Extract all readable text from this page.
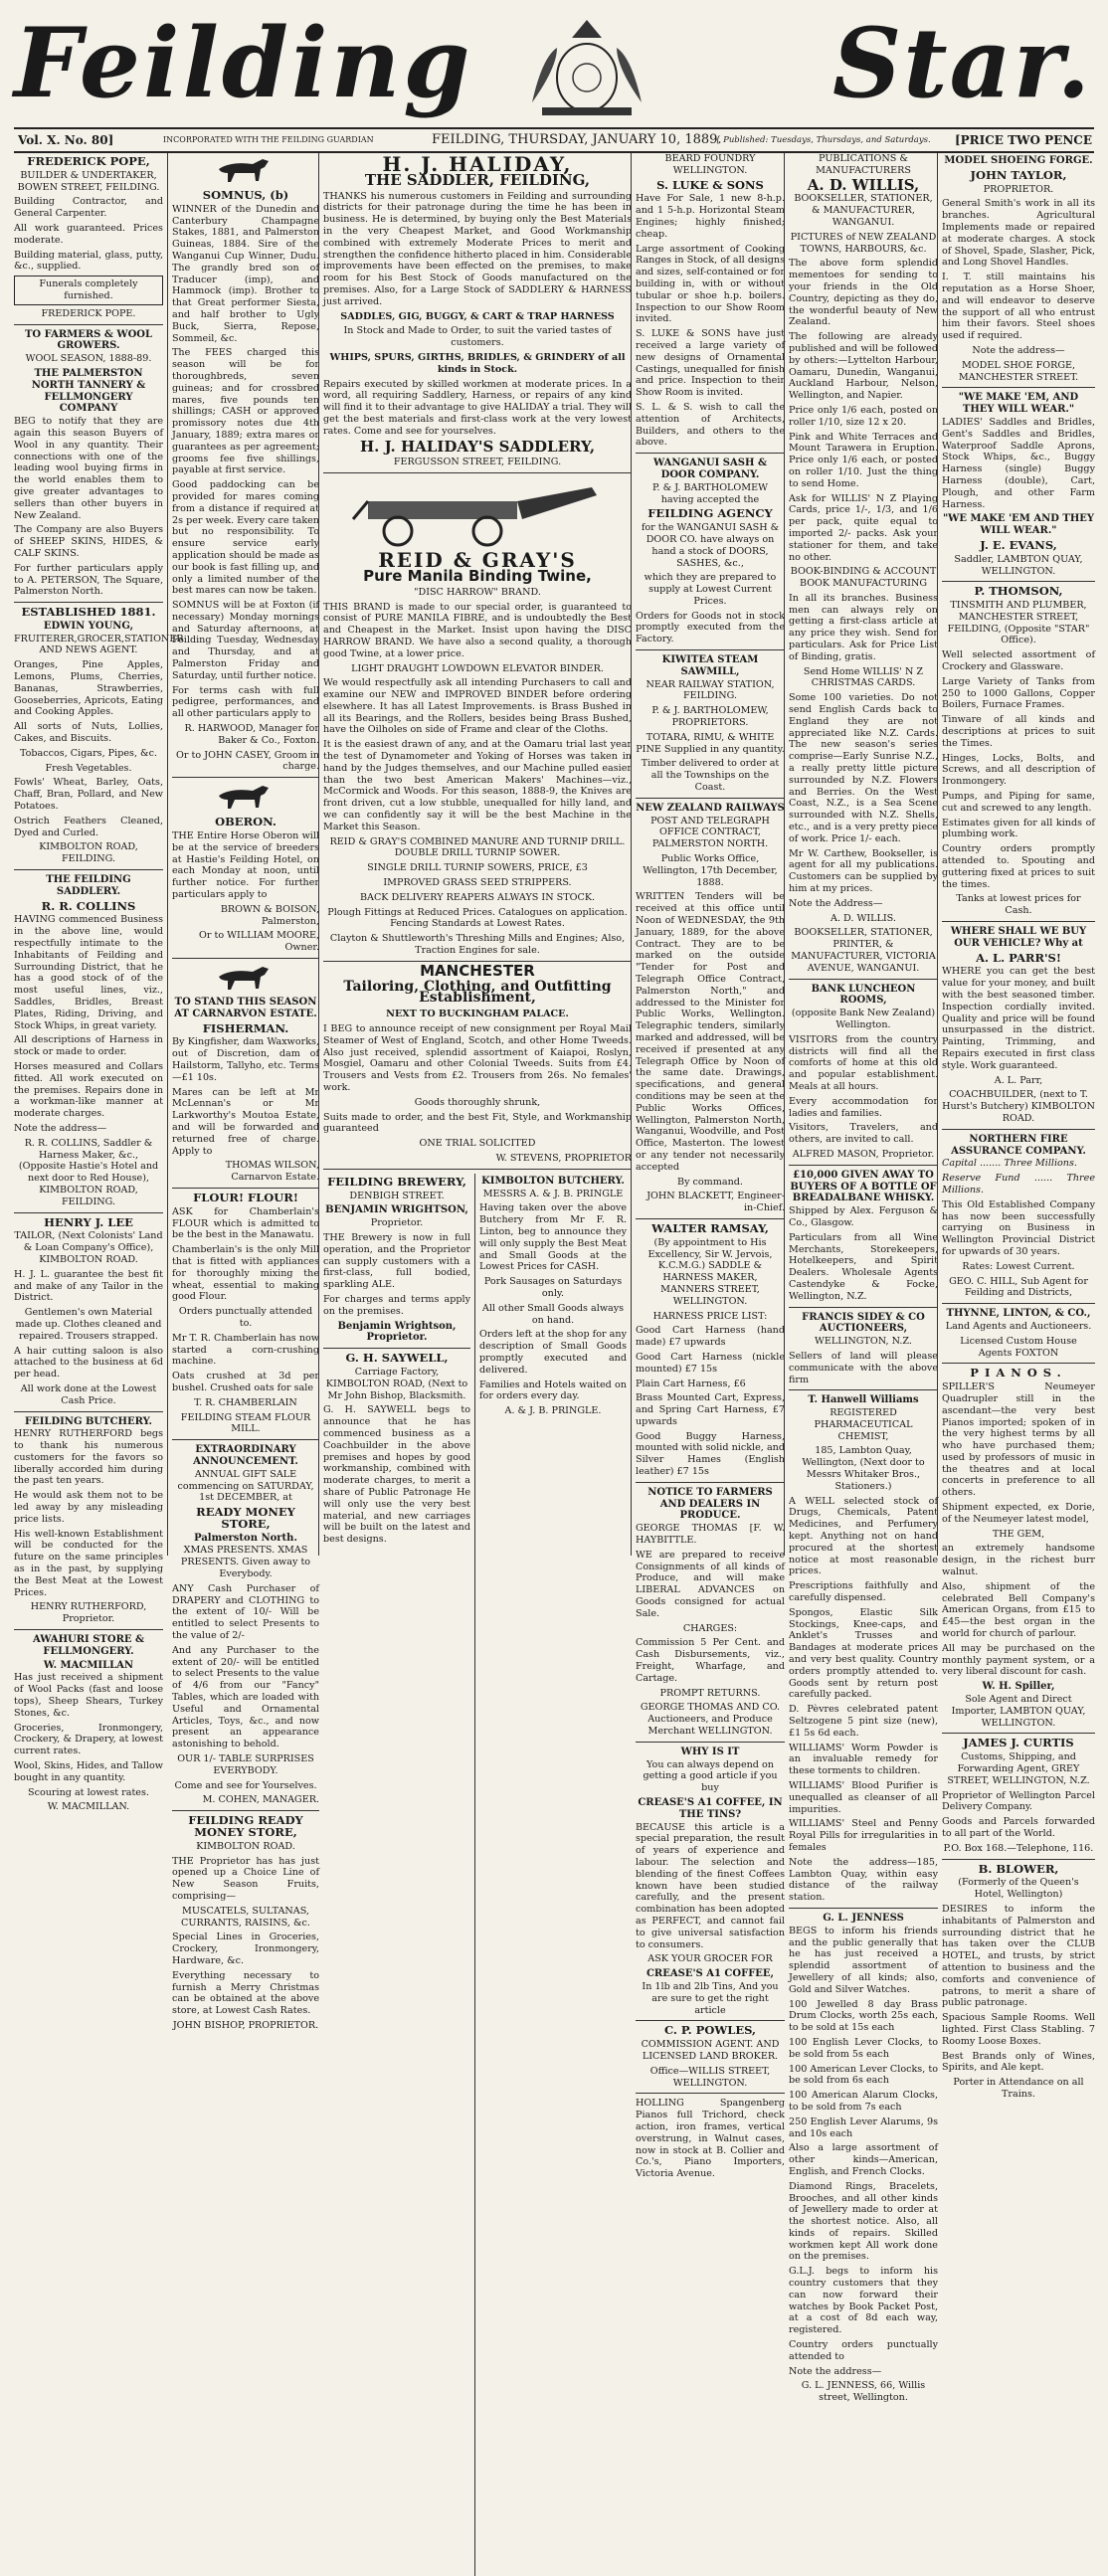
Feilding	Star.
Vol. X. No. 80]	INCORPORATED WITH THE FEILDING GUARDIAN	FEILDING, THURSDAY, JANUARY 10, 1889.
{ Published: Tuesdays, Thursdays, and Saturdays. [PRICE TWO PENCE
FREDERICK POPE,

BUILDER & UNDERTAKER, BOWEN STREET, FEILDING.

Building Contractor, and General Carpenter.

All work guaranteed. Prices moderate.

Building material, glass, putty, &c., supplied.

Funerals completely furnished.

FREDERICK POPE.

TO FARMERS & WOOL GROWERS.

WOOL SEASON, 1888-89.

THE PALMERSTON NORTH TANNERY & FELLMONGERY COMPANY

BEG to notify that they are again this season Buyers of Wool in any quantity. Their connections with one of the leading wool buying firms in the world enables them to give greater advantages to sellers than other buyers in New Zealand.

The Company are also Buyers of SHEEP SKINS, HIDES, & CALF SKINS.

For further particulars apply to A. PETERSON, The Square, Palmerston North.

ESTABLISHED 1881.
EDWIN YOUNG,

FRUITERER,GROCER,STATIONER AND NEWS AGENT.

Oranges, Pine Apples, Lemons, Plums, Cherries, Bananas, Strawberries, Gooseberries, Apricots, Eating and Cooking Apples.

All sorts of Nuts, Lollies, Cakes, and Biscuits.

Tobaccos, Cigars, Pipes, &c.

Fresh Vegetables.

Fowls' Wheat, Barley, Oats, Chaff, Bran, Pollard, and New Potatoes.

Ostrich Feathers Cleaned, Dyed and Curled.

KIMBOLTON ROAD, FEILDING.

THE FEILDING SADDLERY.
R. R. COLLINS

HAVING commenced Business in the above line, would respectfully intimate to the Inhabitants of Feilding and Surrounding District, that he has a good stock of of the most useful lines, viz., Saddles, Bridles, Breast Plates, Riding, Driving, and Stock Whips, in great variety.

All descriptions of Harness in stock or made to order.

Horses measured and Collars fitted. All work executed on the premises. Repairs done in a workman-like manner at moderate charges.

Note the address—

R. R. COLLINS, Saddler & Harness Maker, &c., (Opposite Hastie's Hotel and next door to Red House), KIMBOLTON ROAD, FEILDING.

HENRY J. LEE

TAILOR, (Next Colonists' Land & Loan Company's Office), KIMBOLTON ROAD.

H. J. L. guarantee the best fit and make of any Tailor in the District.

Gentlemen's own Material made up. Clothes cleaned and repaired. Trousers strapped.

A hair cutting saloon is also attached to the business at 6d per head.

All work done at the Lowest Cash Price.

FEILDING BUTCHERY.

HENRY RUTHERFORD begs to thank his numerous customers for the favors so liberally accorded him during the past ten years.

He would ask them not to be led away by any misleading price lists.

His well-known Establishment will be conducted for the future on the same principles as in the past, by supplying the Best Meat at the Lowest Prices.

HENRY RUTHERFORD, Proprietor.

AWAHURI STORE & FELLMONGERY.
W. MACMILLAN

Has just received a shipment of Wool Packs (fast and loose tops), Sheep Shears, Turkey Stones, &c.

Groceries, Ironmongery, Crockery, & Drapery, at lowest current rates.

Wool, Skins, Hides, and Tallow bought in any quantity.

Scouring at lowest rates.

W. MACMILLAN.

SOMNUS, (b)

WINNER of the Dunedin and Canterbury Champagne Stakes, 1881, and Palmerston Guineas, 1884. Sire of the Wanganui Cup Winner, Dudu. The grandly bred son of Traducer (imp), and Hammock (imp). Brother to that Great performer Siesta, and half brother to Ugly Buck, Sierra, Repose, Sommeil, &c.

The FEES charged this season will be for thoroughbreds, seven guineas; and for crossbred mares, five pounds ten shillings; CASH or approved promissory notes due 4th January, 1889; extra mares or guarantees as per agreement; grooms fee five shillings, payable at first service.

Good paddocking can be provided for mares coming from a distance if required at 2s per week. Every care taken but no responsibility. To ensure service early application should be made as our book is fast filling up, and only a limited number of the best mares can now be taken.

SOMNUS will be at Foxton (if necessary) Monday mornings and Saturday afternoons, at Feilding Tuesday, Wednesday and Thursday, and at Palmerston Friday and Saturday, until further notice.

For terms cash with full pedigree, performances, and all other particulars apply to

R. HARWOOD, Manager for Baker & Co., Foxton.

Or to JOHN CASEY, Groom in charge.

OBERON.

THE Entire Horse Oberon will be at the service of breeders at Hastie's Feilding Hotel, on each Monday at noon, until further notice. For further particulars apply to

BROWN & BOISON, Palmerston,

Or to WILLIAM MOORE, Owner.

TO STAND THIS SEASON AT CARNARVON ESTATE.
FISHERMAN.

By Kingfisher, dam Waxworks, out of Discretion, dam of Hailstorm, Tallyho, etc. Terms—£1 10s.

Mares can be left at Mr McLennan's or Mr Larkworthy's Moutoa Estate, and will be forwarded and returned free of charge. Apply to

THOMAS WILSON, Carnarvon Estate.

FLOUR! FLOUR!

ASK for Chamberlain's FLOUR which is admitted to be the best in the Manawatu.

Chamberlain's is the only Mill that is fitted with appliances for thoroughly mixing the wheat, essential to making good Flour.

Orders punctually attended to.

Mr T. R. Chamberlain has now started a corn-crushing machine.

Oats crushed at 3d per bushel. Crushed oats for sale

T. R. CHAMBERLAIN

FEILDING STEAM FLOUR MILL.

EXTRAORDINARY ANNOUNCEMENT.

ANNUAL GIFT SALE commencing on SATURDAY, 1st DECEMBER, at

READY MONEY STORE,
Palmerston North.

XMAS PRESENTS. XMAS PRESENTS. Given away to Everybody.

ANY Cash Purchaser of DRAPERY and CLOTHING to the extent of 10/- Will be entitled to select Presents to the value of 2/-

And any Purchaser to the extent of 20/- will be entitled to select Presents to the value of 4/6 from our "Fancy" Tables, which are loaded with Useful and Ornamental Articles, Toys, &c., and now present an appearance astonishing to behold.

OUR 1/- TABLE SURPRISES EVERYBODY.

Come and see for Yourselves.

M. COHEN, MANAGER.

FEILDING READY MONEY STORE,

KIMBOLTON ROAD.

THE Proprietor has has just opened up a Choice Line of New Season Fruits, comprising—

MUSCATELS, SULTANAS, CURRANTS, RAISINS, &c.

Special Lines in Groceries, Crockery, Ironmongery, Hardware, &c.

Everything necessary to furnish a Merry Christmas can be obtained at the above store, at Lowest Cash Rates.

JOHN BISHOP, PROPRIETOR.

H. J. HALIDAY,
THE SADDLER, FEILDING,

THANKS his numerous customers in Feilding and surrounding districts for their patronage during the time he has been in business. He is determined, by buying only the Best Materials in the very Cheapest Market, and Good Workmanship combined with extremely Moderate Prices to merit and strengthen the confidence hitherto placed in him. Considerable improvements have been effected on the premises, to make room for his Best Stock of Goods manufactured on the premises. Also, for a Large Stock of SADDLERY & HARNESS just arrived.

SADDLES, GIG, BUGGY, & CART & TRAP HARNESS

In Stock and Made to Order, to suit the varied tastes of customers.

WHIPS, SPURS, GIRTHS, BRIDLES, & GRINDERY of all kinds in Stock.

Repairs executed by skilled workmen at moderate prices. In a word, all requiring Saddlery, Harness, or repairs of any kind will find it to their advantage to give HALIDAY a trial. They will get the best materials and first-class work at the very lowest rates. Come and see for yourselves.

H. J. HALIDAY'S SADDLERY,

FERGUSSON STREET, FEILDING.

REID & GRAY'S
Pure Manila Binding Twine,

"DISC HARROW" BRAND.

THIS BRAND is made to our special order, is guaranteed to consist of PURE MANILA FIBRE, and is undoubtedly the Best and Cheapest in the Market. Insist upon having the DISC HARROW BRAND. We have also a second quality, a thorough good Twine, at a lower price.

LIGHT DRAUGHT LOWDOWN ELEVATOR BINDER.

We would respectfully ask all intending Purchasers to call and examine our NEW and IMPROVED BINDER before ordering elsewhere. It has all Latest Improvements. is Brass Bushed in all its Bearings, and the Rollers, besides being Brass Bushed, have the Oilholes on side of Frame and clear of the Cloths.

It is the easiest drawn of any, and at the Oamaru trial last year the test of Dynamometer and Yoking of Horses was taken in hand by the Judges themselves, and our Machine pulled easier than the two best American Makers' Machines—viz., McCormick and Woods. For this season, 1888-9, the Knives are front driven, cut a low stubble, unequalled for hilly land, and we can confidently say it will be the best Machine in the Market this Season.

REID & GRAY'S COMBINED MANURE AND TURNIP DRILL. DOUBLE DRILL TURNIP SOWER.

SINGLE DRILL TURNIP SOWERS, PRICE, £3

IMPROVED GRASS SEED STRIPPERS.

BACK DELIVERY REAPERS ALWAYS IN STOCK.

Plough Fittings at Reduced Prices. Catalogues on application. Fencing Standards at Lowest Rates.

Clayton & Shuttleworth's Threshing Mills and Engines; Also, Traction Engines for sale.

MANCHESTER
Tailoring, Clothing, and Outfitting Establishment,

NEXT TO BUCKINGHAM PALACE.

I BEG to announce receipt of new consignment per Royal Mail Steamer of West of England, Scotch, and other Home Tweeds. Also just received, splendid assortment of Kaiapoi, Roslyn, Mosgiel, Oamaru and other Colonial Tweeds. Suits from £4. Trousers and Vests from £2. Trousers from 26s. No females' work.

Goods thoroughly shrunk,

Suits made to order, and the best Fit, Style, and Workmanship guaranteed

ONE TRIAL SOLICITED

W. STEVENS, PROPRIETOR

FEILDING BREWERY,

DENBIGH STREET.

BENJAMIN WRIGHTSON,

Proprietor.

THE Brewery is now in full operation, and the Proprietor can supply customers with a first-class, full bodied, sparkling ALE.

For charges and terms apply on the premises.

Benjamin Wrightson, Proprietor.
G. H. SAYWELL,

Carriage Factory, KIMBOLTON ROAD, (Next to Mr John Bishop, Blacksmith.

G. H. SAYWELL begs to announce that he has commenced business as a Coachbuilder in the above premises and hopes by good workmanship, combined with moderate charges, to merit a share of Public Patronage He will only use the very best material, and new carriages will be built on the latest and best designs.

KIMBOLTON BUTCHERY.

MESSRS A. & J. B. PRINGLE

Having taken over the above Butchery from Mr F. R. Linton, beg to announce they will only supply the Best Meat and Small Goods at the Lowest Prices for CASH.

Pork Sausages on Saturdays only.

All other Small Goods always on hand.

Orders left at the shop for any description of Small Goods promptly executed and delivered.

Families and Hotels waited on for orders every day.

A. & J. B. PRINGLE.

BEARD FOUNDRY WELLINGTON.

S. LUKE & SONS

Have For Sale, 1 new 8-h.p. and 1 5-h.p. Horizontal Steam Engines; highly finished; cheap.

Large assortment of Cooking Ranges in Stock, of all designs and sizes, self-contained or for building in, with or without tubular or shoe h.p. boilers. Inspection to our Show Room invited.

S. LUKE & SONS have just received a large variety of new designs of Ornamental Castings, unequalled for finish and price. Inspection to their Show Room is invited.

S. L. & S. wish to call the attention of Architects, Builders, and others to the above.

WANGANUI SASH & DOOR COMPANY.

P. & J. BARTHOLOMEW having accepted the

FEILDING AGENCY

for the WANGANUI SASH & DOOR CO. have always on hand a stock of DOORS, SASHES, &c.,

which they are prepared to supply at Lowest Current Prices.

Orders for Goods not in stock promptly executed from the Factory.

KIWITEA STEAM SAWMILL,

NEAR RAILWAY STATION, FEILDING.

P. & J. BARTHOLOMEW, PROPRIETORS.

TOTARA, RIMU, & WHITE PINE Supplied in any quantity.

Timber delivered to order at all the Townships on the Coast.

NEW ZEALAND RAILWAYS

POST AND TELEGRAPH OFFICE CONTRACT, PALMERSTON NORTH.

Public Works Office, Wellington, 17th December, 1888.

WRITTEN Tenders will be received at this office until Noon of WEDNESDAY, the 9th January, 1889, for the above Contract. They are to be marked on the outside "Tender for Post and Telegraph Office Contract, Palmerston North," and addressed to the Minister for Public Works, Wellington. Telegraphic tenders, similarly marked and addressed, will be received if presented at any Telegraph Office by Noon of the same date. Drawings, specifications, and general conditions may be seen at the Public Works Offices, Wellington, Palmerston North, Wanganui, Woodville, and Post Office, Masterton. The lowest or any tender not necessarily accepted

By command.

JOHN BLACKETT, Engineer-in-Chief.

WALTER RAMSAY,

(By appointment to His Excellency, Sir W. Jervois, K.C.M.G.) SADDLE & HARNESS MAKER, MANNERS STREET, WELLINGTON.

HARNESS PRICE LIST:

Good Cart Harness (hand made) £7 upwards

Good Cart Harness (nickle mounted) £7 15s

Plain Cart Harness, £6

Brass Mounted Cart, Express, and Spring Cart Harness, £7 upwards

Good Buggy Harness, mounted with solid nickle, and Silver Hames (English leather) £7 15s

NOTICE TO FARMERS AND DEALERS IN PRODUCE.

GEORGE THOMAS [F. W. HAYBITTLE.

WE are prepared to receive Consignments of all kinds of Produce, and will make LIBERAL ADVANCES on Goods consigned for actual Sale.

CHARGES:

Commission 5 Per Cent. and Cash Disbursements, viz., Freight, Wharfage, and Cartage.

PROMPT RETURNS.

GEORGE THOMAS AND CO. Auctioneers, and Produce Merchant WELLINGTON.

WHY IS IT

You can always depend on getting a good article if you buy

CREASE'S A1 COFFEE, IN THE TINS?

BECAUSE this article is a special preparation, the result of years of experience and labour. The selection and blending of the finest Coffees known have been studied carefully, and the present combination has been adopted as PERFECT, and cannot fail to give universal satisfaction to consumers.

ASK YOUR GROCER FOR

CREASE'S A1 COFFEE,

In 1lb and 2lb Tins, And you are sure to get the right article

C. P. POWLES,

COMMISSION AGENT. AND LICENSED LAND BROKER.

Office—WILLIS STREET, WELLINGTON.

HOLLING Spangenberg Pianos full Trichord, check action, iron frames, vertical overstrung, in Walnut cases, now in stock at B. Collier and Co.'s, Piano Importers, Victoria Avenue.

PUBLICATIONS & MANUFACTURERS

A. D. WILLIS,

BOOKSELLER, STATIONER, & MANUFACTURER, WANGANUI.

PICTURES of NEW ZEALAND TOWNS, HARBOURS, &c.

The above form splendid mementoes for sending to your friends in the Old Country, depicting as they do, the wonderful beauty of New Zealand.

The following are already published and will be followed by others:—Lyttelton Harbour, Oamaru, Dunedin, Wanganui, Auckland Harbour, Nelson, Wellington, and Napier.

Price only 1/6 each, posted on roller 1/10, size 12 x 20.

Pink and White Terraces and Mount Tarawera in Eruption. Price only 1/6 each, or posted on roller 1/10. Just the thing to send Home.

Ask for WILLIS' N Z Playing Cards, price 1/-, 1/3, and 1/6 per pack, quite equal to imported 2/- packs. Ask your stationer for them, and take no other.

BOOK-BINDING & ACCOUNT BOOK MANUFACTURING

In all its branches. Business men can always rely on getting a first-class article at any price they wish. Send for particulars. Ask for Price List of Binding, gratis.

Send Home WILLIS' N Z CHRISTMAS CARDS.

Some 100 varieties. Do not send English Cards back to England they are not appreciated like N.Z. Cards. The new season's series comprise—Early Sunrise N.Z., a really pretty little picture surrounded by N.Z. Flowers and Berries. On the West Coast, N.Z., is a Sea Scene surrounded with N.Z. Shells, etc., and is a very pretty piece of work. Price 1/- each.

Mr W. Carthew, Bookseller, is agent for all my publications. Customers can be supplied by him at my prices.

Note the Address—

A. D. WILLIS.

BOOKSELLER, STATIONER, PRINTER, & MANUFACTURER, VICTORIA AVENUE, WANGANUI.

BANK LUNCHEON ROOMS,

(opposite Bank New Zealand) Wellington.

VISITORS from the country districts will find all the comforts of home at this old and popular establishment. Meals at all hours.

Every accommodation for ladies and families.

Visitors, Travelers, and others, are invited to call.

ALFRED MASON, Proprietor.

£10,000 GIVEN AWAY TO BUYERS OF A BOTTLE OF BREADALBANE WHISKY.

Shipped by Alex. Ferguson & Co., Glasgow.

Particulars from all Wine Merchants, Storekeepers, Hotelkeepers, and Spirit Dealers. Wholesale Agents Castendyke & Focke, Wellington, N.Z.

FRANCIS SIDEY & CO AUCTIONEERS,

WELLINGTON, N.Z.

Sellers of land will please communicate with the above firm

T. Hanwell Williams

REGISTERED PHARMACEUTICAL CHEMIST,

185, Lambton Quay, Wellington, (Next door to Messrs Whitaker Bros., Stationers.)

A WELL selected stock of Drugs, Chemicals, Patent Medicines, and Perfumery kept. Anything not on hand procured at the shortest notice at most reasonable prices.

Prescriptions faithfully and carefully dispensed.

Spongos, Elastic Silk Stockings, Knee-caps, and Anklet's Trusses and Bandages at moderate prices and very best quality. Country orders promptly attended to. Goods sent by return post carefully packed.

D. Pèvres celebrated patent Seltzogene 5 pint size (new), £1 5s 6d each.

WILLIAMS' Worm Powder is an invaluable remedy for these torments to children.

WILLIAMS' Blood Purifier is unequalled as cleanser of all impurities.

WILLIAMS' Steel and Penny Royal Pills for irregularities in females

Note the address—185, Lambton Quay, within easy distance of the railway station.

G. L. JENNESS

BEGS to inform his friends and the public generally that he has just received a splendid assortment of Jewellery of all kinds; also, Gold and Silver Watches.

100 Jewelled 8 day Brass Drum Clocks, worth 25s each, to be sold at 15s each

100 English Lever Clocks, to be sold from 5s each

100 American Lever Clocks, to be sold from 6s each

100 American Alarum Clocks, to be sold from 7s each

250 English Lever Alarums, 9s and 10s each

Also a large assortment of other kinds—American, English, and French Clocks.

Diamond Rings, Bracelets, Brooches, and all other kinds of Jewellery made to order at the shortest notice. Also, all kinds of repairs. Skilled workmen kept All work done on the premises.

G.L.J. begs to inform his country customers that they can now forward their watches by Book Packet Post, at a cost of 8d each way, registered.

Country orders punctually attended to

Note the address—

G. L. JENNESS, 66, Willis street, Wellington.

MODEL SHOEING FORGE.
JOHN TAYLOR,

PROPRIETOR.

General Smith's work in all its branches. Agricultural Implements made or repaired at moderate charges. A stock of Shovel, Spade, Slasher, Pick, and Long Shovel Handles.

I. T. still maintains his reputation as a Horse Shoer, and will endeavor to deserve the support of all who entrust him their favors. Steel shoes used if required.

Note the address—

MODEL SHOE FORGE, MANCHESTER STREET.

"WE MAKE 'EM, AND THEY WILL WEAR."

LADIES' Saddles and Bridles, Gent's Saddles and Bridles, Waterproof Saddle Aprons, Stock Whips, &c., Buggy Harness (single) Buggy Harness (double), Cart, Plough, and other Farm Harness.

"WE MAKE 'EM AND THEY WILL WEAR."
J. E. EVANS,

Saddler, LAMBTON QUAY, WELLINGTON.

P. THOMSON,

TINSMITH AND PLUMBER, MANCHESTER STREET, FEILDING, (Opposite "STAR" Office).

Well selected assortment of Crockery and Glassware.

Large Variety of Tanks from 250 to 1000 Gallons, Copper Boilers, Furnace Frames.

Tinware of all kinds and descriptions at prices to suit the Times.

Hinges, Locks, Bolts, and Screws, and all description of Ironmongery.

Pumps, and Piping for same, cut and screwed to any length.

Estimates given for all kinds of plumbing work.

Country orders promptly attended to. Spouting and guttering fixed at prices to suit the times.

Tanks at lowest prices for Cash.

WHERE SHALL WE BUY OUR VEHICLE? Why at
A. L. PARR'S!

WHERE you can get the best value for your money, and built with the best seasoned timber. Inspection cordially invited. Quality and price will be found unsurpassed in the district. Painting, Trimming, and Repairs executed in first class style. Work guaranteed.

A. L. Parr,

COACHBUILDER, (next to T. Hurst's Butchery) KIMBOLTON ROAD.

NORTHERN FIRE ASSURANCE COMPANY.

Capital ....... Three Millions.

Reserve Fund ...... Three Millions.

This Old Established Company has now been successfully carrying on Business in Wellington Provincial District for upwards of 30 years.

Rates: Lowest Current.

GEO. C. HILL, Sub Agent for Feilding and Districts,

THYNNE, LINTON, & CO.,

Land Agents and Auctioneers.

Licensed Custom House Agents FOXTON

PIANOS.

SPILLER'S Neumeyer Quadrupler still in the ascendant—the very best Pianos imported; spoken of in the very highest terms by all who have purchased them; used by professors of music in the theatres and at local concerts in preference to all others.

Shipment expected, ex Dorie, of the Neumeyer latest model,

THE GEM,

an extremely handsome design, in the richest burr walnut.

Also, shipment of the celebrated Bell Company's American Organs, from £15 to £45—the best organ in the world for church of parlour.

All may be purchased on the monthly payment system, or a very liberal discount for cash.

W. H. Spiller,

Sole Agent and Direct Importer, LAMBTON QUAY, WELLINGTON.

JAMES J. CURTIS

Customs, Shipping, and Forwarding Agent, GREY STREET, WELLINGTON, N.Z.

Proprietor of Wellington Parcel Delivery Company.

Goods and Parcels forwarded to all part of the World.

P.O. Box 168.—Telephone, 116.

B. BLOWER,

(Formerly of the Queen's Hotel, Wellington)

DESIRES to inform the inhabitants of Palmerston and surrounding district that he has taken over the CLUB HOTEL, and trusts, by strict attention to business and the comforts and convenience of patrons, to merit a share of public patronage.

Spacious Sample Rooms. Well lighted. First Class Stabling. 7 Roomy Loose Boxes.

Best Brands only of Wines, Spirits, and Ale kept.

Porter in Attendance on all Trains.
